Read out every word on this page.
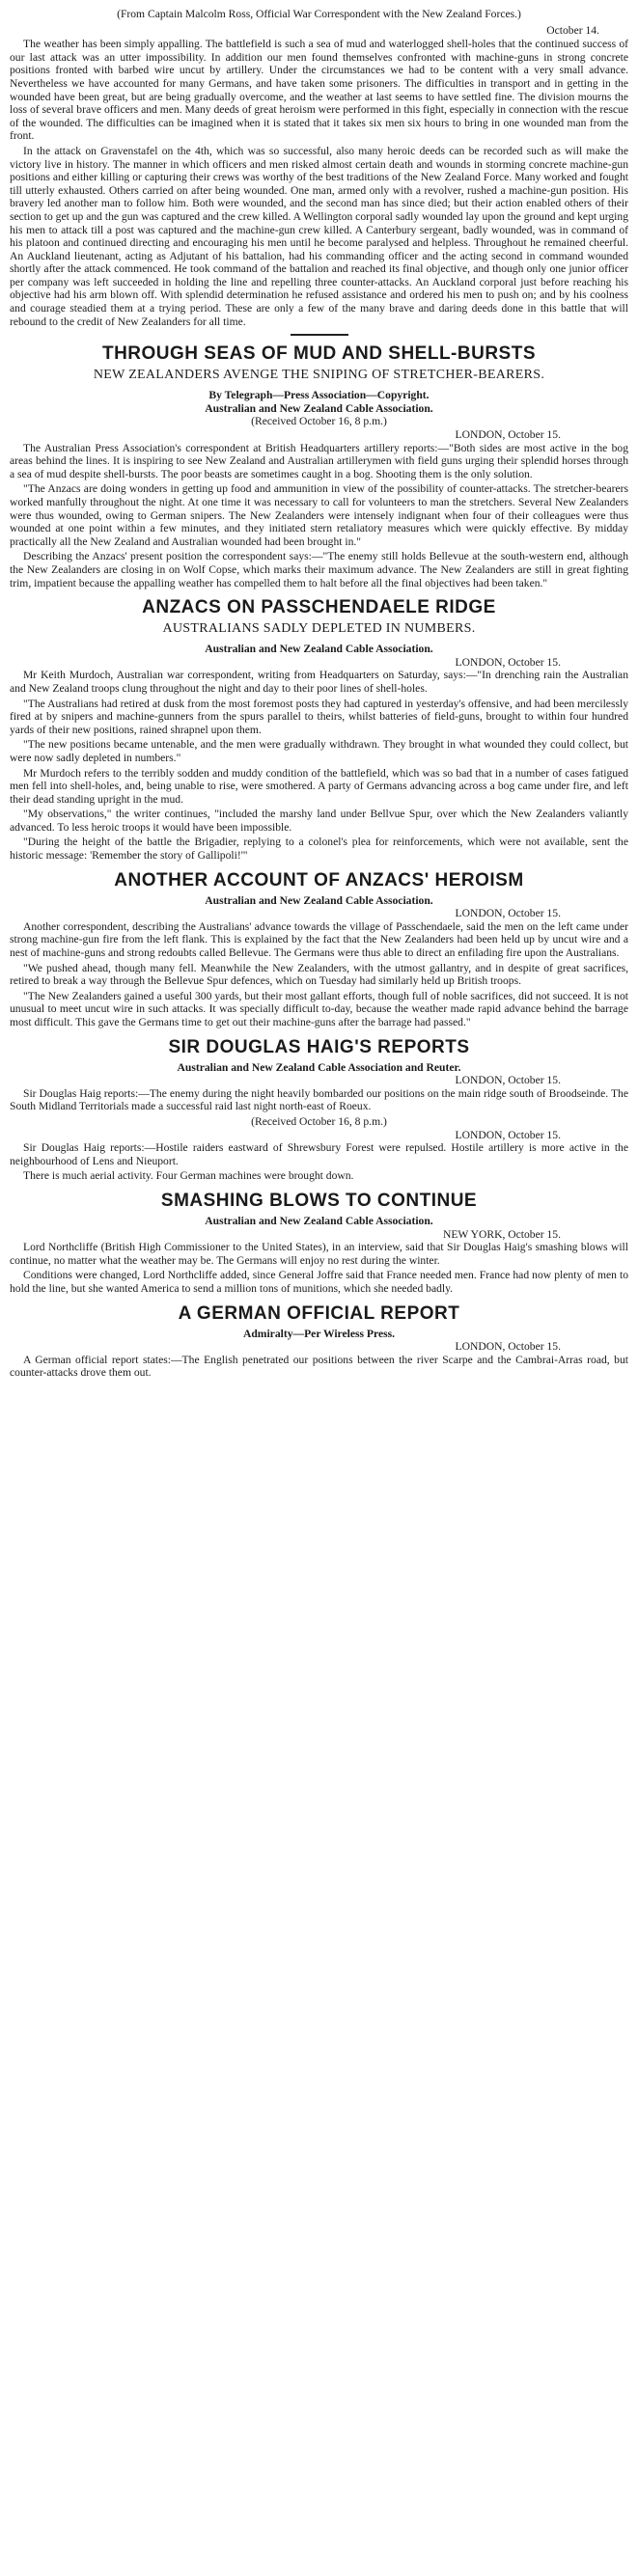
(From Captain Malcolm Ross, Official War Correspondent with the New Zealand Forces.)
October 14.

The weather has been simply appalling. The battlefield is such a sea of mud and waterlogged shell-holes that the continued success of our last attack was an utter impossibility. In addition our men found themselves confronted with machine-guns in strong concrete positions fronted with barbed wire uncut by artillery. Under the circumstances we had to be content with a very small advance. Nevertheless we have accounted for many Germans, and have taken some prisoners. The difficulties in transport and in getting in the wounded have been great, but are being gradually overcome, and the weather at last seems to have settled fine. The division mourns the loss of several brave officers and men. Many deeds of great heroism were performed in this fight, especially in connection with the rescue of the wounded. The difficulties can be imagined when it is stated that it takes six men six hours to bring in one wounded man from the front.

In the attack on Gravenstafel on the 4th, which was so successful, also many heroic deeds can be recorded such as will make the victory live in history. The manner in which officers and men risked almost certain death and wounds in storming concrete machine-gun positions and either killing or capturing their crews was worthy of the best traditions of the New Zealand Force. Many worked and fought till utterly exhausted. Others carried on after being wounded. One man, armed only with a revolver, rushed a machine-gun position. His bravery led another man to follow him. Both were wounded, and the second man has since died; but their action enabled others of their section to get up and the gun was captured and the crew killed. A Wellington corporal sadly wounded lay upon the ground and kept urging his men to attack till a post was captured and the machine-gun crew killed. A Canterbury sergeant, badly wounded, was in command of his platoon and continued directing and encouraging his men until he become paralysed and helpless. Throughout he remained cheerful. An Auckland lieutenant, acting as Adjutant of his battalion, had his commanding officer and the acting second in command wounded shortly after the attack commenced. He took command of the battalion and reached its final objective, and though only one junior officer per company was left succeeded in holding the line and repelling three counter-attacks. An Auckland corporal just before reaching his objective had his arm blown off. With splendid determination he refused assistance and ordered his men to push on; and by his coolness and courage steadied them at a trying period. These are only a few of the many brave and daring deeds done in this battle that will rebound to the credit of New Zealanders for all time.

THROUGH SEAS OF MUD AND SHELL-BURSTS
NEW ZEALANDERS AVENGE THE SNIPING OF STRETCHER-BEARERS.
By Telegraph—Press Association—Copyright.
Australian and New Zealand Cable Association.
(Received October 16, 8 p.m.)
LONDON, October 15.

The Australian Press Association's correspondent at British Headquarters artillery reports:—"Both sides are most active in the bog areas behind the lines. It is inspiring to see New Zealand and Australian artillerymen with field guns urging their splendid horses through a sea of mud despite shell-bursts. The poor beasts are sometimes caught in a bog. Shooting them is the only solution.

"The Anzacs are doing wonders in getting up food and ammunition in view of the possibility of counter-attacks. The stretcher-bearers worked manfully throughout the night. At one time it was necessary to call for volunteers to man the stretchers. Several New Zealanders were thus wounded, owing to German snipers. The New Zealanders were intensely indignant when four of their colleagues were thus wounded at one point within a few minutes, and they initiated stern retaliatory measures which were quickly effective. By midday practically all the New Zealand and Australian wounded had been brought in."

Describing the Anzacs' present position the correspondent says:—"The enemy still holds Bellevue at the south-western end, although the New Zealanders are closing in on Wolf Copse, which marks their maximum advance. The New Zealanders are still in great fighting trim, impatient because the appalling weather has compelled them to halt before all the final objectives had been taken."

ANZACS ON PASSCHENDAELE RIDGE
AUSTRALIANS SADLY DEPLETED IN NUMBERS.
Australian and New Zealand Cable Association.
LONDON, October 15.

Mr Keith Murdoch, Australian war correspondent, writing from Headquarters on Saturday, says:—"In drenching rain the Australian and New Zealand troops clung throughout the night and day to their poor lines of shell-holes.

"The Australians had retired at dusk from the most foremost posts they had captured in yesterday's offensive, and had been mercilessly fired at by snipers and machine-gunners from the spurs parallel to theirs, whilst batteries of field-guns, brought to within four hundred yards of their new positions, rained shrapnel upon them.

"The new positions became untenable, and the men were gradually withdrawn. They brought in what wounded they could collect, but were now sadly depleted in numbers."

Mr Murdoch refers to the terribly sodden and muddy condition of the battlefield, which was so bad that in a number of cases fatigued men fell into shell-holes, and, being unable to rise, were smothered. A party of Germans advancing across a bog came under fire, and left their dead standing upright in the mud.

"My observations," the writer continues, "included the marshy land under Bellvue Spur, over which the New Zealanders valiantly advanced. To less heroic troops it would have been impossible.

"During the height of the battle the Brigadier, replying to a colonel's plea for reinforcements, which were not available, sent the historic message: 'Remember the story of Gallipoli!'"

ANOTHER ACCOUNT OF ANZACS' HEROISM
Australian and New Zealand Cable Association.
LONDON, October 15.

Another correspondent, describing the Australians' advance towards the village of Passchendaele, said the men on the left came under strong machine-gun fire from the left flank. This is explained by the fact that the New Zealanders had been held up by uncut wire and a nest of machine-guns and strong redoubts called Bellevue. The Germans were thus able to direct an enfilading fire upon the Australians.

"We pushed ahead, though many fell. Meanwhile the New Zealanders, with the utmost gallantry, and in despite of great sacrifices, retired to break a way through the Bellevue Spur defences, which on Tuesday had similarly held up British troops.

"The New Zealanders gained a useful 300 yards, but their most gallant efforts, though full of noble sacrifices, did not succeed. It is not unusual to meet uncut wire in such attacks. It was specially difficult to-day, because the weather made rapid advance behind the barrage most difficult. This gave the Germans time to get out their machine-guns after the barrage had passed."

SIR DOUGLAS HAIG'S REPORTS
Australian and New Zealand Cable Association and Reuter.
LONDON, October 15.

Sir Douglas Haig reports:—The enemy during the night heavily bombarded our positions on the main ridge south of Broodseinde. The South Midland Territorials made a successful raid last night north-east of Roeux.

(Received October 16, 8 p.m.)
LONDON, October 15.

Sir Douglas Haig reports:—Hostile raiders eastward of Shrewsbury Forest were repulsed. Hostile artillery is more active in the neighbourhood of Lens and Nieuport.

There is much aerial activity. Four German machines were brought down.

SMASHING BLOWS TO CONTINUE
Australian and New Zealand Cable Association.
NEW YORK, October 15.

Lord Northcliffe (British High Commissioner to the United States), in an interview, said that Sir Douglas Haig's smashing blows will continue, no matter what the weather may be. The Germans will enjoy no rest during the winter.

Conditions were changed, Lord Northcliffe added, since General Joffre said that France needed men. France had now plenty of men to hold the line, but she wanted America to send a million tons of munitions, which she needed badly.

A GERMAN OFFICIAL REPORT
Admiralty—Per Wireless Press.
LONDON, October 15.

A German official report states:—The English penetrated our positions between the river Scarpe and the Cambrai-Arras road, but counter-attacks drove them out.
